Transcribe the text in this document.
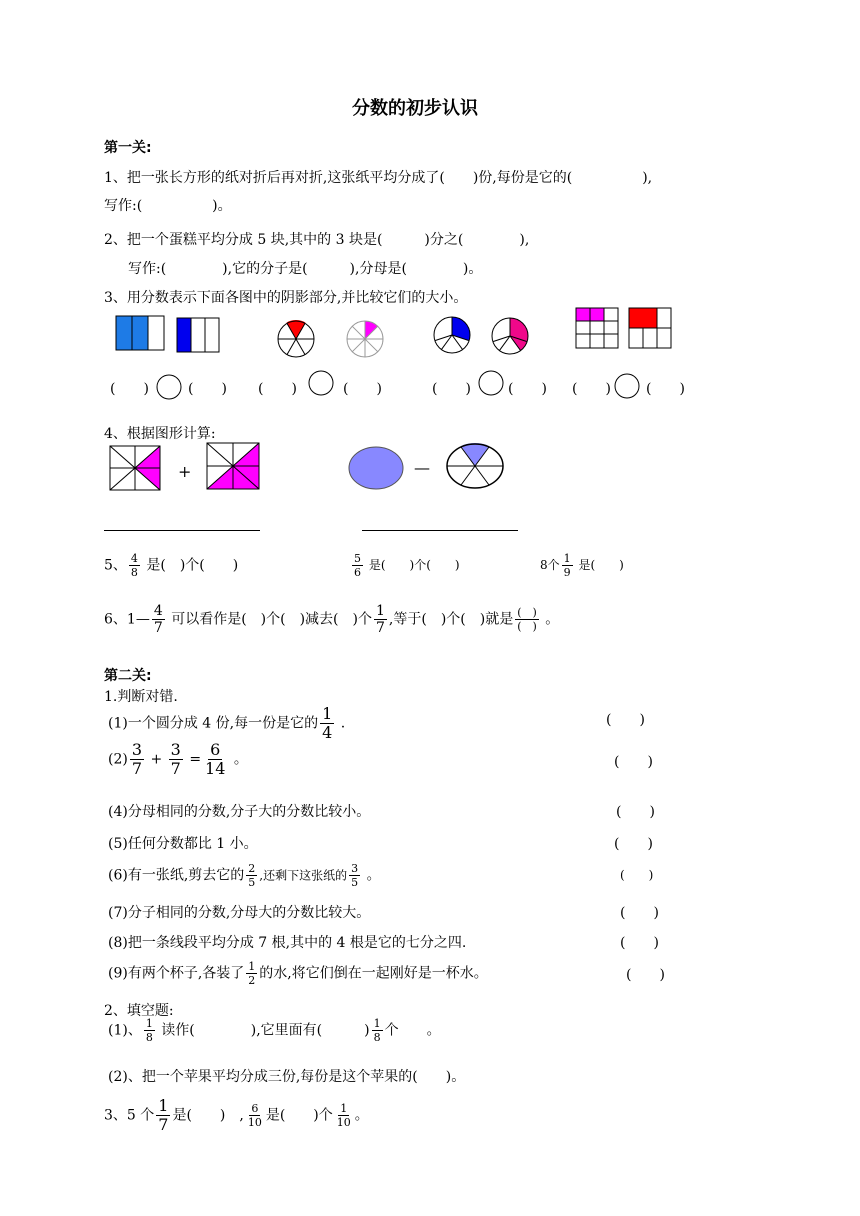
分数的初步认识
第一关:
1、把一张长方形的纸对折后再对折,这张纸平均分成了(　　)份,每份是它的(　　　　　),
写作:(　　　　　)。
2、把一个蛋糕平均分成 5 块,其中的 3 块是(　　　)分之(　　　　),
写作:(　　　　),它的分子是(　　　),分母是(　　　　)。
3、用分数表示下面各图中的阴影部分,并比较它们的大小。
(　　)	(　　) (　　)	(　　)	(　　)	(　　) (　　)	(　　)
4、根据图形计算:
+	—
5、 $\frac{4}{8}$ 是(　)个(　　)	$\frac{5}{6}$ 是(　　)个(　　)	8个 $\frac{1}{9}$ 是(　　)
6、1— $\frac{4}{7}$ 可以看作是(　)个(　)减去(　)个 $\frac{1}{7}$ ,等于(　)个(　)就是 $\frac{( )}{( )}$ 。
第二关:
1.判断对错.
(1)一个圆分成 4 份,每一份是它的 $\frac{1}{4}$ .	(　　)
$(2) \frac{3}{7} + \frac{3}{7} = \frac{6}{14}$ 。	(　　)
(4)分母相同的分数,分子大的分数比较小。	(　　)
(5)任何分数都比 1 小。	(　　)
(6)有一张纸,剪去它的 $\frac{2}{5}$ ,还剩下这张纸的 $\frac{3}{5}$ 。	(　　)
(7)分子相同的分数,分母大的分数比较大。	(　　)
(8)把一条线段平均分成 7 根,其中的 4 根是它的七分之四.	(　　)
(9)有两个杯子,各装了 $\frac{1}{2}$ 的水,将它们倒在一起刚好是一杯水。	(　　)
2、填空题:
(1)、 $\frac{1}{8}$ 读作(　　　　),它里面有(　　　) $\frac{1}{8}$ 个　　。
(2)、把一个苹果平均分成三份,每份是这个苹果的(　　)。
3、5 个 $\frac{1}{7}$ 是(　　)　, $\frac{6}{10}$ 是(　　)个 $\frac{1}{10}$ 。
